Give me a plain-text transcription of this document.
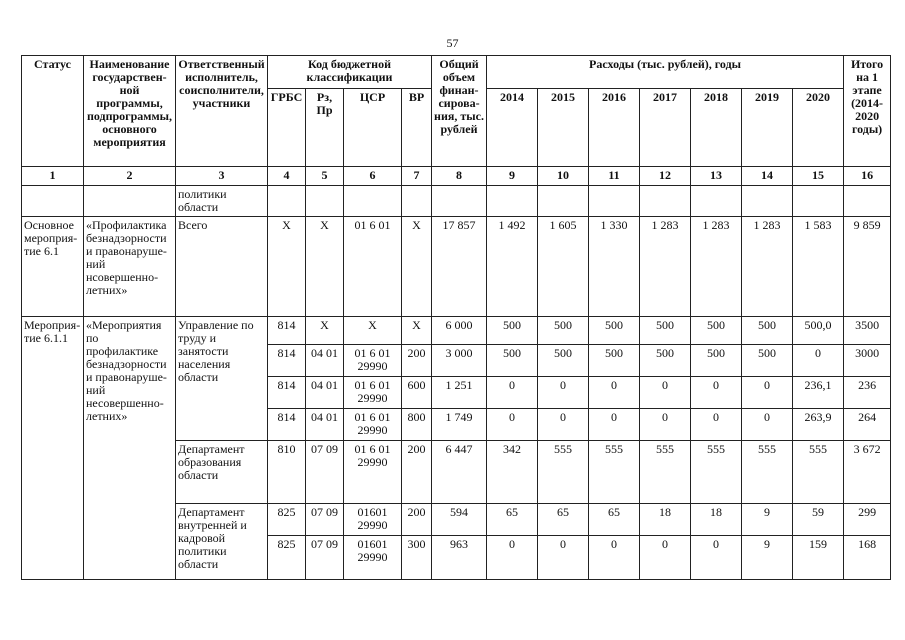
57
Статус	Наименование государствен-ной программы, подпрограммы, основного мероприятия	Ответственный исполнитель, соисполнители, участники	Код бюджетной классификации				Общий объем финан-сирова-ния, тыс. рублей	Расходы (тыс. рублей), годы							Итого на 1 этапе (2014-2020 годы)
			ГРБС	Рз, Пр	ЦСР	ВР		2014	2015	2016	2017	2018	2019	2020	
1	2	3	4	5	6	7	8	9	10	11	12	13	14	15	16
		политики области													
Основное мероприя-тие 6.1	«Профилактика безнадзорности и правонаруше-ний нсовершенно-летних»	Всего	X	X	01 6 01	X	17 857	1 492	1 605	1 330	1 283	1 283	1 283	1 583	9 859
Мероприя-тие 6.1.1	«Мероприятия по профилактике безнадзорности и правонаруше-ний несовершенно-летних»	Управление по труду и занятости населения области	814	X	X	X	6 000	500	500	500	500	500	500	500,0	3500
			814	04 01	01 6 01 29990	200	3 000	500	500	500	500	500	500	0	3000
			814	04 01	01 6 01 29990	600	1 251	0	0	0	0	0	0	236,1	236
			814	04 01	01 6 01 29990	800	1 749	0	0	0	0	0	0	263,9	264
		Департамент образования области	810	07 09	01 6 01 29990	200	6 447	342	555	555	555	555	555	555	3 672
		Департамент внутренней и кадровой политики области	825	07 09	01601 29990	200	594	65	65	65	18	18	9	59	299
			825	07 09	01601 29990	300	963	0	0	0	0	0	9	159	168
